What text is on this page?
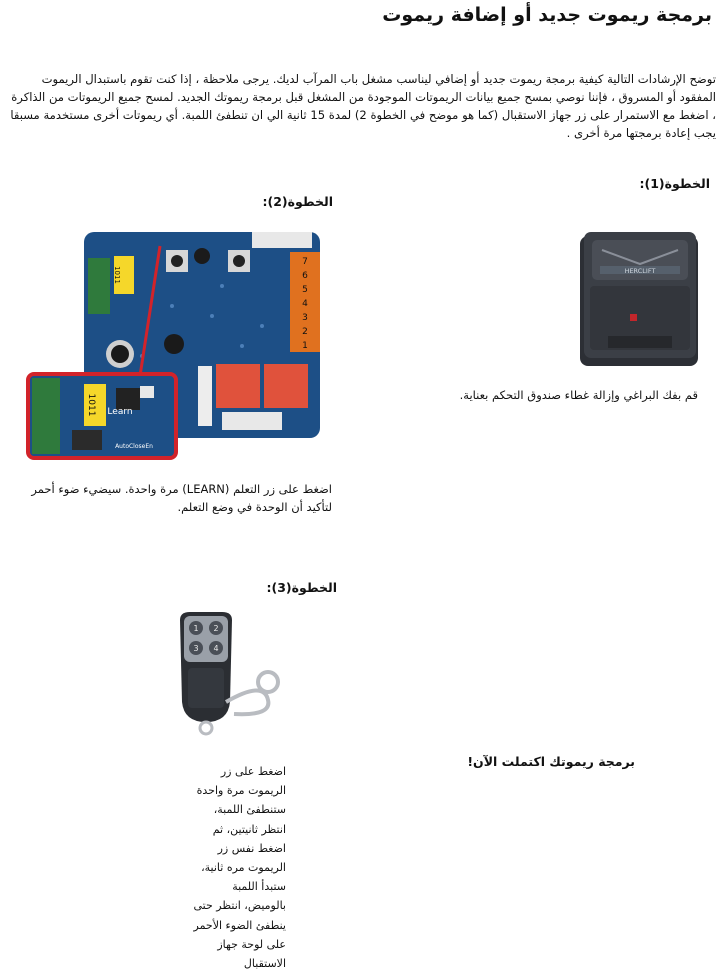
برمجة ريموت جديد أو إضافة ريموت
توضح الإرشادات التالية كيفية برمجة ريموت جديد أو إضافي ليناسب مشغل باب المرآب لديك. يرجى ملاحظة ، إذا كنت تقوم باستبدال الريموت المفقود أو المسروق ، فإننا نوصي بمسح جميع بيانات الريموتات الموجودة من المشغل قبل برمجة ريموتك الجديد. لمسح جميع الريموتات من الذاكرة ، اضغط مع الاستمرار على زر جهاز الاستقبال (كما هو موضح في الخطوة 2) لمدة 15 ثانية الي ان تنطفئ اللمبة. أي ريموتات أخرى مستخدمة مسبقا يجب إعادة برمجتها مرة أخرى .
الخطوة(1):
HERCLIFT
قم بفك البراغي وإزالة غطاء صندوق التحكم بعناية.
الخطوة(2):
1011
7
6
5
4
3
2
1
1011 Learn
AutoCloseEn
اضغط على زر التعلم (LEARN) مرة واحدة. سيضيء ضوء أحمر لتأكيد أن الوحدة في وضع التعلم.
الخطوة(3):
1 2
3 4
اضغط على زر الريموت مرة واحدة ستنطفئ اللمبة، انتظر ثانيتين، ثم اضغط نفس زر الريموت مره ثانية، ستبدأ اللمبة بالوميض، انتظر حتى ينطفئ الضوء الأحمر على لوحة جهاز الاستقبال
برمجة ريموتك اكتملت الآن!
